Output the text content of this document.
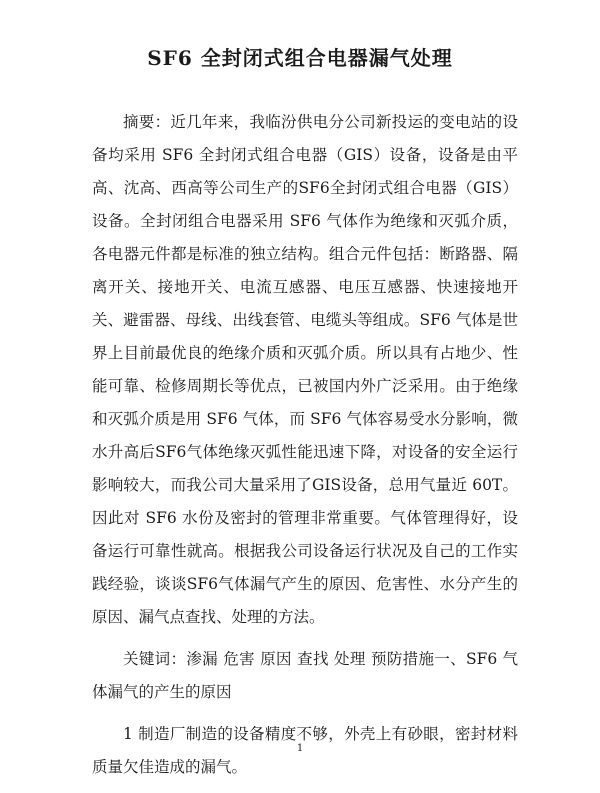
SF6 全封闭式组合电器漏气处理

摘要：近几年来，我临汾供电分公司新投运的变电站的设备均采用 SF6 全封闭式组合电器（GIS）设备，设备是由平高、沈高、西高等公司生产的SF6全封闭式组合电器（GIS）设备。全封闭组合电器采用 SF6 气体作为绝缘和灭弧介质，各电器元件都是标准的独立结构。组合元件包括：断路器、隔离开关、接地开关、电流互感器、电压互感器、快速接地开关、避雷器、母线、出线套管、电缆头等组成。SF6 气体是世界上目前最优良的绝缘介质和灭弧介质。所以具有占地少、性能可靠、检修周期长等优点，已被国内外广泛采用。由于绝缘和灭弧介质是用 SF6 气体，而 SF6 气体容易受水分影响，微水升高后SF6气体绝缘灭弧性能迅速下降，对设备的安全运行影响较大，而我公司大量采用了GIS设备，总用气量近 60T。因此对 SF6 水份及密封的管理非常重要。气体管理得好，设备运行可靠性就高。根据我公司设备运行状况及自己的工作实践经验，谈谈SF6气体漏气产生的原因、危害性、水分产生的原因、漏气点查找、处理的方法。

关键词：渗漏 危害 原因 查找 处理 预防措施一、SF6 气体漏气的产生的原因

1 制造厂制造的设备精度不够，外壳上有砂眼，密封材料质量欠佳造成的漏气。

1
